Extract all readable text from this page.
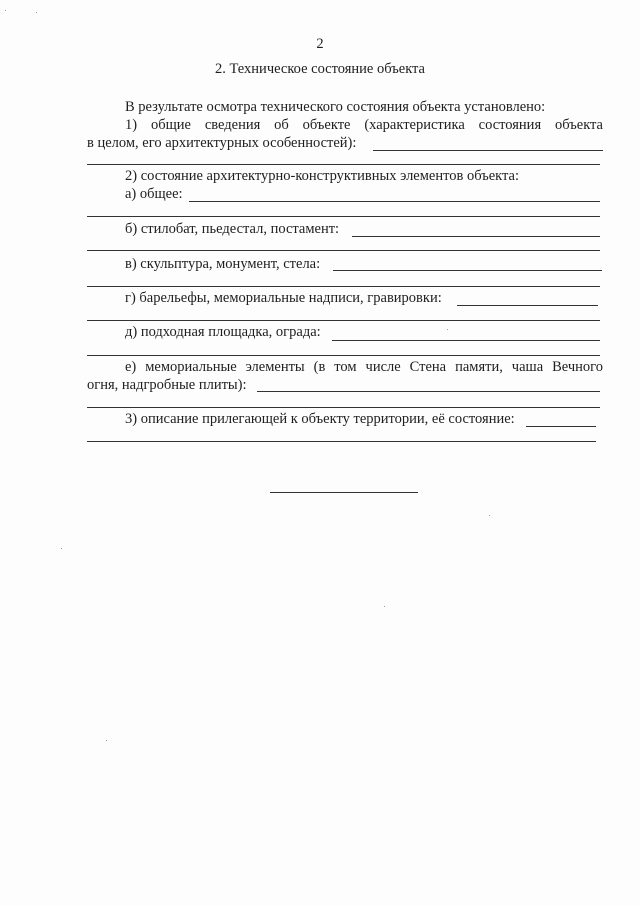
2
2. Техническое состояние объекта
В результате осмотра технического состояния объекта установлено:
1) общие сведения об объекте (характеристика состояния объекта
в целом, его архитектурных особенностей):
2) состояние архитектурно-конструктивных элементов объекта:
а) общее:
б) стилобат, пьедестал, постамент:
в) скульптура, монумент, стела:
г) барельефы, мемориальные надписи, гравировки:
д) подходная площадка, ограда:
е) мемориальные элементы (в том числе Стена памяти, чаша Вечного
огня, надгробные плиты):
3) описание прилегающей к объекту территории, её состояние:
